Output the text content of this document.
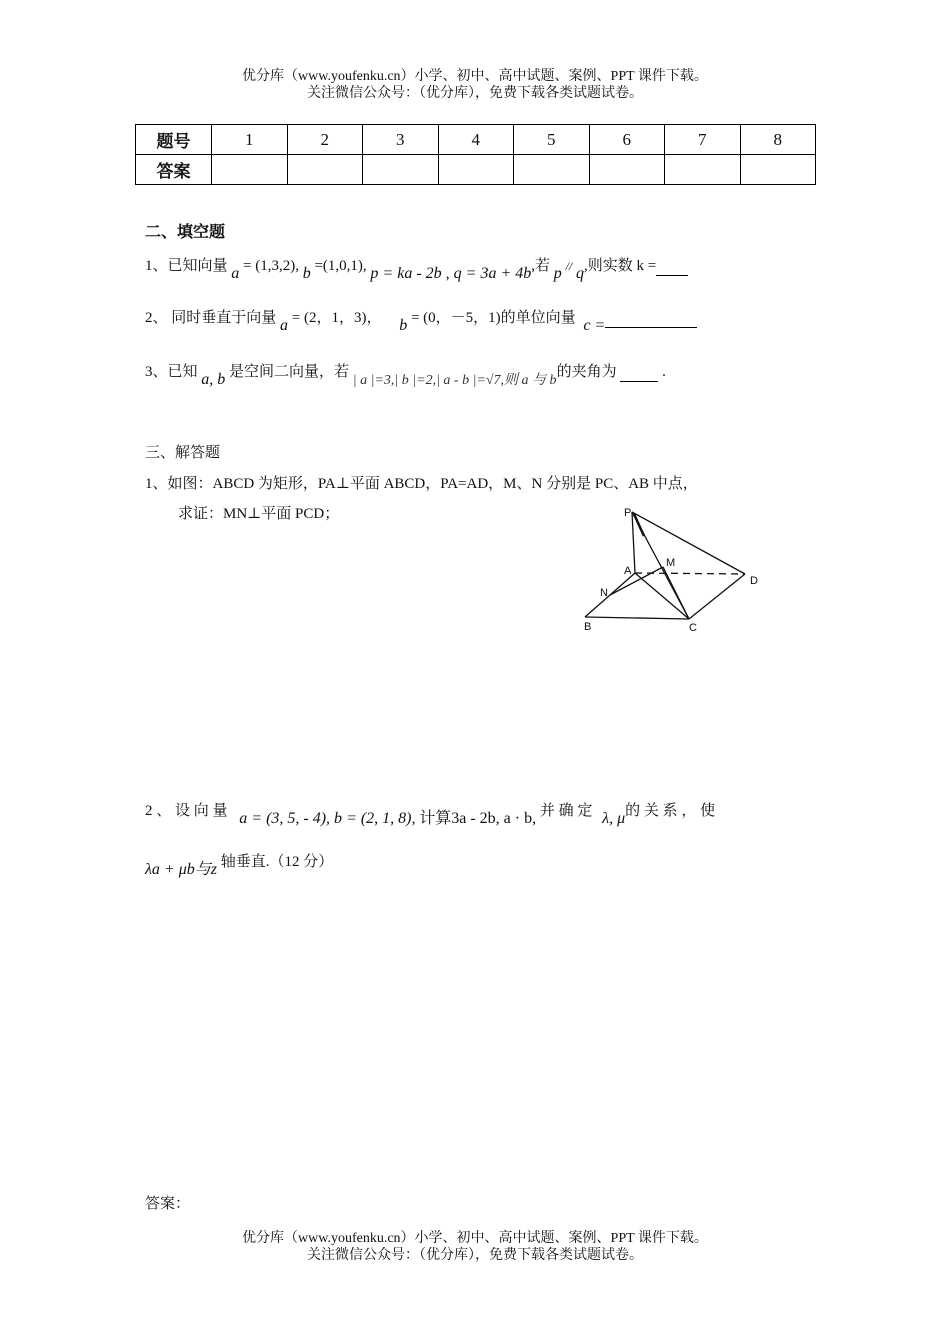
优分库（www.youfenku.cn）小学、初中、高中试题、案例、PPT 课件下载。
关注微信公众号：（优分库），免费下载各类试题试卷。
题号	1	2	3	4	5	6	7	8
答案								
二、填空题
1、已知向量 a = (1,3,2), b =(1,0,1), p = ka - 2b , q = 3a + 4b,若 p // q,则实数 k =
2、 同时垂直于向量 a = (2，1，3)， b = (0，－5，1)的单位向量 c =
3、已知 a, b 是空间二向量，若 | a |=3,| b |=2,| a - b |=√7,则 a 与 b的夹角为	.
三、解答题
1、如图：ABCD 为矩形，PA⊥平面 ABCD，PA=AD，M、N 分别是 PC、AB 中点，
求证：MN⊥平面 PCD；	P
A
M
N
B	C
D
2 、 设 向 量 a = (3, 5, - 4), b = (2, 1, 8), 计算3a - 2b, a · b, 并 确 定 λ, μ的 关 系 ， 使
λa + μb与z 轴垂直.（12 分）
答案：
优分库（www.youfenku.cn）小学、初中、高中试题、案例、PPT 课件下载。
关注微信公众号：（优分库），免费下载各类试题试卷。
